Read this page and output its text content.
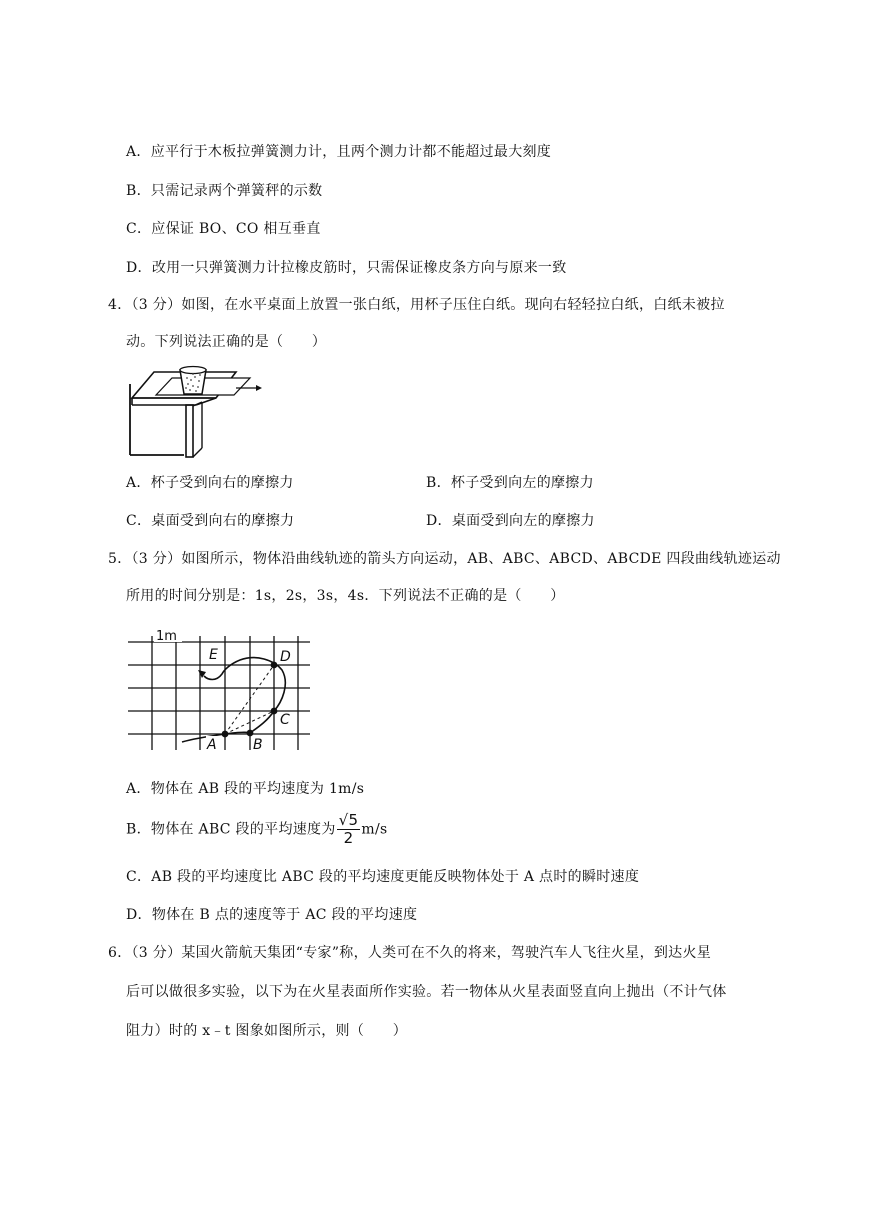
A．应平行于木板拉弹簧测力计，且两个测力计都不能超过最大刻度
B．只需记录两个弹簧秤的示数
C．应保证 BO、CO 相互垂直
D．改用一只弹簧测力计拉橡皮筋时，只需保证橡皮条方向与原来一致
4．（3 分）如图，在水平桌面上放置一张白纸，用杯子压住白纸。现向右轻轻拉白纸，白纸未被拉
动。下列说法正确的是（　　）
A．杯子受到向右的摩擦力	B．杯子受到向左的摩擦力
C．桌面受到向右的摩擦力	D．桌面受到向左的摩擦力
5．（3 分）如图所示，物体沿曲线轨迹的箭头方向运动，AB、ABC、ABCD、ABCDE 四段曲线轨迹运动
所用的时间分别是：1s，2s，3s，4s．下列说法不正确的是（　　）
1m
A	B
C
D
E
A．物体在 AB 段的平均速度为 1m/s
B．物体在 ABC 段的平均速度为 $\frac{√5}{2} m/s$
C．AB 段的平均速度比 ABC 段的平均速度更能反映物体处于 A 点时的瞬时速度
D．物体在 B 点的速度等于 AC 段的平均速度
6．（3 分）某国火箭航天集团“专家”称，人类可在不久的将来，驾驶汽车人飞往火星，到达火星
后可以做很多实验，以下为在火星表面所作实验。若一物体从火星表面竖直向上抛出（不计气体
阻力）时的 x﹣t 图象如图所示，则（　　）
